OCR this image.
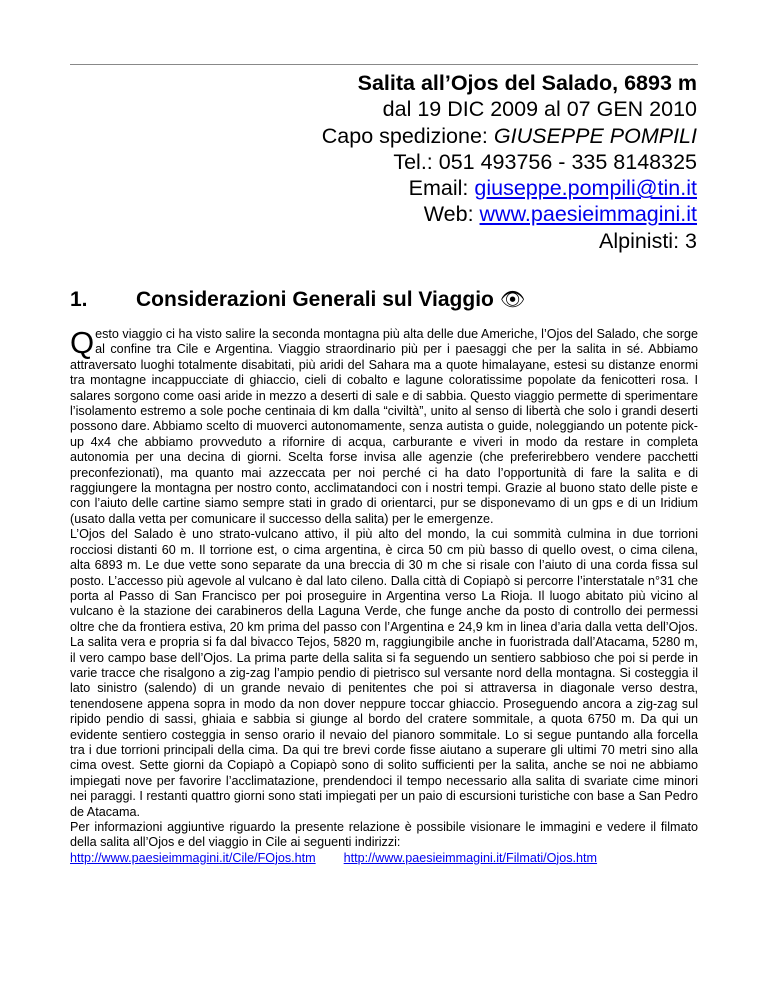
Salita all’Ojos del Salado, 6893 m
dal 19 DIC 2009 al 07 GEN 2010
Capo spedizione: GIUSEPPE POMPILI
Tel.: 051 493756 - 335 8148325
Email: giuseppe.pompili@tin.it
Web: www.paesieimmagini.it
Alpinisti: 3
1. Considerazioni Generali sul Viaggio 👁

Qesto viaggio ci ha visto salire la seconda montagna più alta delle due Americhe, l’Ojos del Salado, che sorge al confine tra Cile e Argentina. Viaggio straordinario più per i paesaggi che per la salita in sé. Abbiamo attraversato luoghi totalmente disabitati, più aridi del Sahara ma a quote himalayane, estesi su distanze enormi tra montagne incappucciate di ghiaccio, cieli di cobalto e lagune coloratissime popolate da fenicotteri rosa. I salares sorgono come oasi aride in mezzo a deserti di sale e di sabbia. Questo viaggio permette di sperimentare l’isolamento estremo a sole poche centinaia di km dalla “civiltà”, unito al senso di libertà che solo i grandi deserti possono dare. Abbiamo scelto di muoverci autonomamente, senza autista o guide, noleggiando un potente pick-up 4x4 che abbiamo provveduto a rifornire di acqua, carburante e viveri in modo da restare in completa autonomia per una decina di giorni. Scelta forse invisa alle agenzie (che preferirebbero vendere pacchetti preconfezionati), ma quanto mai azzeccata per noi perché ci ha dato l’opportunità di fare la salita e di raggiungere la montagna per nostro conto, acclimatandoci con i nostri tempi. Grazie al buono stato delle piste e con l’aiuto delle cartine siamo sempre stati in grado di orientarci, pur se disponevamo di un gps e di un Iridium (usato dalla vetta per comunicare il successo della salita) per le emergenze.

L’Ojos del Salado è uno strato-vulcano attivo, il più alto del mondo, la cui sommità culmina in due torrioni rocciosi distanti 60 m. Il torrione est, o cima argentina, è circa 50 cm più basso di quello ovest, o cima cilena, alta 6893 m. Le due vette sono separate da una breccia di 30 m che si risale con l’aiuto di una corda fissa sul posto. L’accesso più agevole al vulcano è dal lato cileno. Dalla città di Copiapò si percorre l’interstatale n°31 che porta al Passo di San Francisco per poi proseguire in Argentina verso La Rioja. Il luogo abitato più vicino al vulcano è la stazione dei carabineros della Laguna Verde, che funge anche da posto di controllo dei permessi oltre che da frontiera estiva, 20 km prima del passo con l’Argentina e 24,9 km in linea d’aria dalla vetta dell’Ojos. La salita vera e propria si fa dal bivacco Tejos, 5820 m, raggiungibile anche in fuoristrada dall’Atacama, 5280 m, il vero campo base dell’Ojos. La prima parte della salita si fa seguendo un sentiero sabbioso che poi si perde in varie tracce che risalgono a zig-zag l’ampio pendio di pietrisco sul versante nord della montagna. Si costeggia il lato sinistro (salendo) di un grande nevaio di penitentes che poi si attraversa in diagonale verso destra, tenendosene appena sopra in modo da non dover neppure toccar ghiaccio. Proseguendo ancora a zig-zag sul ripido pendio di sassi, ghiaia e sabbia si giunge al bordo del cratere sommitale, a quota 6750 m. Da qui un evidente sentiero costeggia in senso orario il nevaio del pianoro sommitale. Lo si segue puntando alla forcella tra i due torrioni principali della cima. Da qui tre brevi corde fisse aiutano a superare gli ultimi 70 metri sino alla cima ovest. Sette giorni da Copiapò a Copiapò sono di solito sufficienti per la salita, anche se noi ne abbiamo impiegati nove per favorire l’acclimatazione, prendendoci il tempo necessario alla salita di svariate cime minori nei paraggi. I restanti quattro giorni sono stati impiegati per un paio di escursioni turistiche con base a San Pedro de Atacama.

Per informazioni aggiuntive riguardo la presente relazione è possibile visionare le immagini e vedere il filmato della salita all’Ojos e del viaggio in Cile ai seguenti indirizzi:

http://www.paesieimmagini.it/Cile/FOjos.htm http://www.paesieimmagini.it/Filmati/Ojos.htm
